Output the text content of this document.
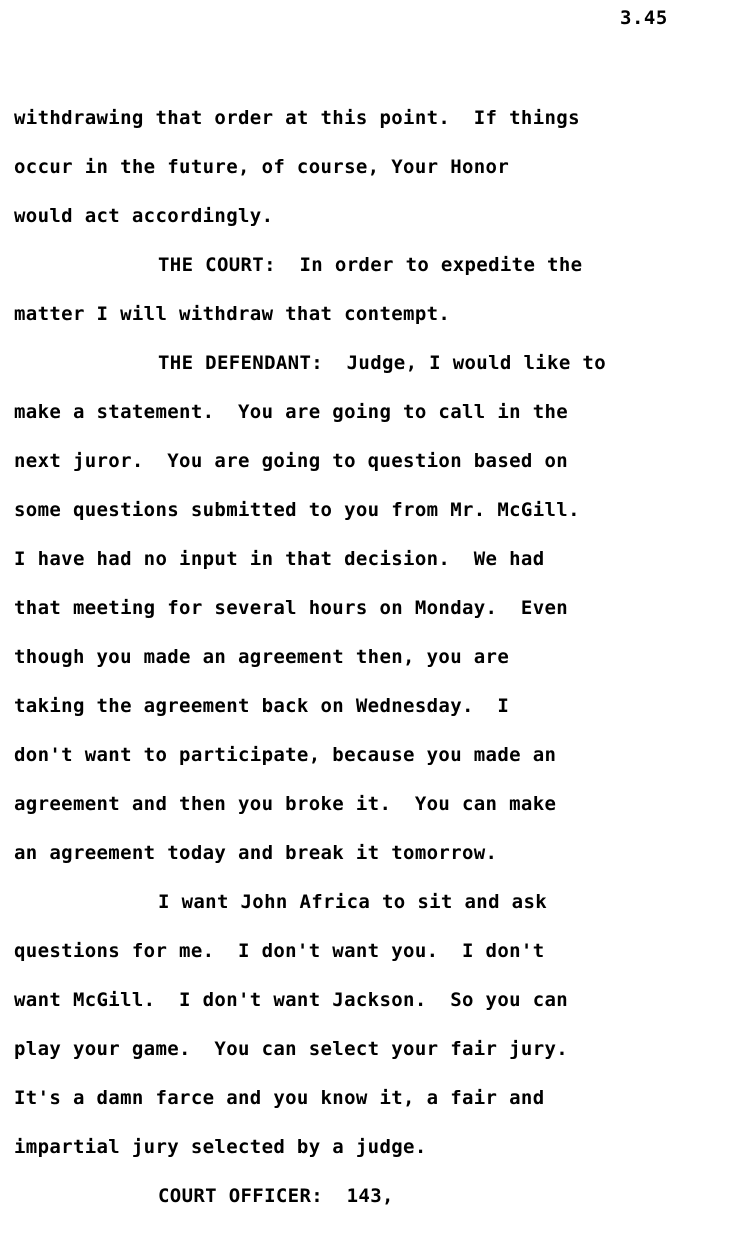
3.45
withdrawing that order at this point.  If things
occur in the future, of course, Your Honor
would act accordingly.
THE COURT:  In order to expedite the
matter I will withdraw that contempt.
THE DEFENDANT:  Judge, I would like to
make a statement.  You are going to call in the
next juror.  You are going to question based on
some questions submitted to you from Mr. McGill.
I have had no input in that decision.  We had
that meeting for several hours on Monday.  Even
though you made an agreement then, you are
taking the agreement back on Wednesday.  I
don't want to participate, because you made an
agreement and then you broke it.  You can make
an agreement today and break it tomorrow.
I want John Africa to sit and ask
questions for me.  I don't want you.  I don't
want McGill.  I don't want Jackson.  So you can
play your game.  You can select your fair jury.
It's a damn farce and you know it, a fair and
impartial jury selected by a judge.
COURT OFFICER:  143,
